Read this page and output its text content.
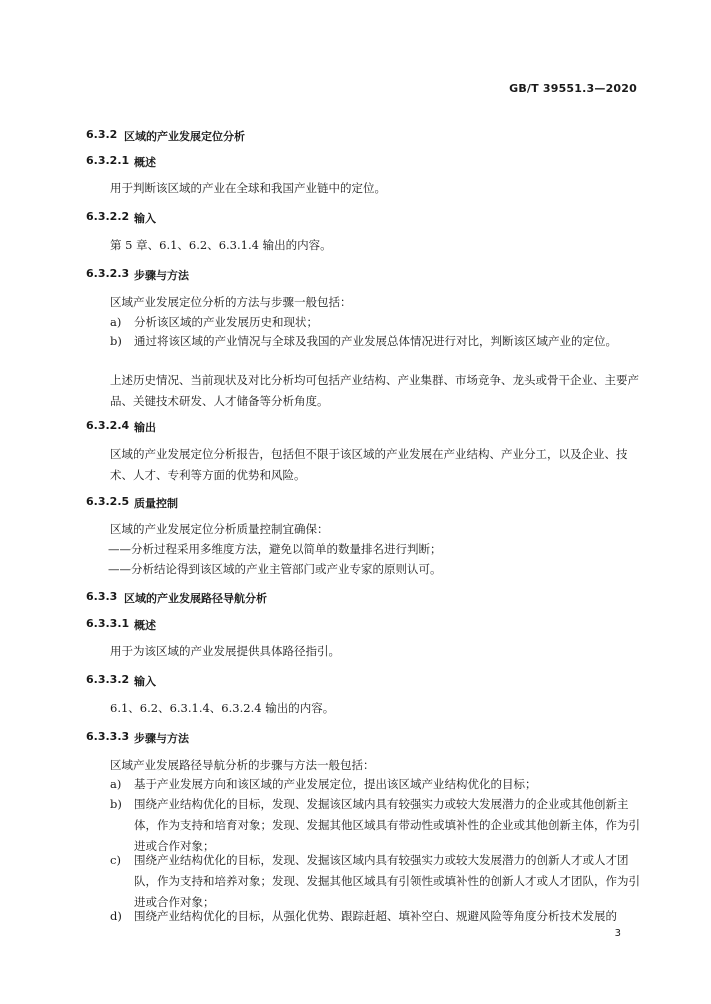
GB/T 39551.3—2020
6.3.2 区域的产业发展定位分析
6.3.2.1 概述
用于判断该区域的产业在全球和我国产业链中的定位。
6.3.2.2 输入
第 5 章、6.1、6.2、6.3.1.4 输出的内容。
6.3.2.3 步骤与方法
区域产业发展定位分析的方法与步骤一般包括：
a)	分析该区域的产业发展历史和现状；
b)	通过将该区域的产业情况与全球及我国的产业发展总体情况进行对比，判断该区域产业的定位。
上述历史情况、当前现状及对比分析均可包括产业结构、产业集群、市场竞争、龙头或骨干企业、主要产品、关键技术研发、人才储备等分析角度。
6.3.2.4 输出
区域的产业发展定位分析报告，包括但不限于该区域的产业发展在产业结构、产业分工，以及企业、技术、人才、专利等方面的优势和风险。
6.3.2.5 质量控制
区域的产业发展定位分析质量控制宜确保：
——分析过程采用多维度方法，避免以简单的数量排名进行判断；
——分析结论得到该区域的产业主管部门或产业专家的原则认可。
6.3.3 区域的产业发展路径导航分析
6.3.3.1 概述
用于为该区域的产业发展提供具体路径指引。
6.3.3.2 输入
6.1、6.2、6.3.1.4、6.3.2.4 输出的内容。
6.3.3.3 步骤与方法
区域产业发展路径导航分析的步骤与方法一般包括：
a)	基于产业发展方向和该区域的产业发展定位，提出该区域产业结构优化的目标；
b)	围绕产业结构优化的目标，发现、发掘该区域内具有较强实力或较大发展潜力的企业或其他创新主体，作为支持和培育对象；发现、发掘其他区域具有带动性或填补性的企业或其他创新主体，作为引进或合作对象；
c)	围绕产业结构优化的目标，发现、发掘该区域内具有较强实力或较大发展潜力的创新人才或人才团队，作为支持和培养对象；发现、发掘其他区域具有引领性或填补性的创新人才或人才团队，作为引进或合作对象；
d)	围绕产业结构优化的目标，从强化优势、跟踪赶超、填补空白、规避风险等角度分析技术发展的
3
